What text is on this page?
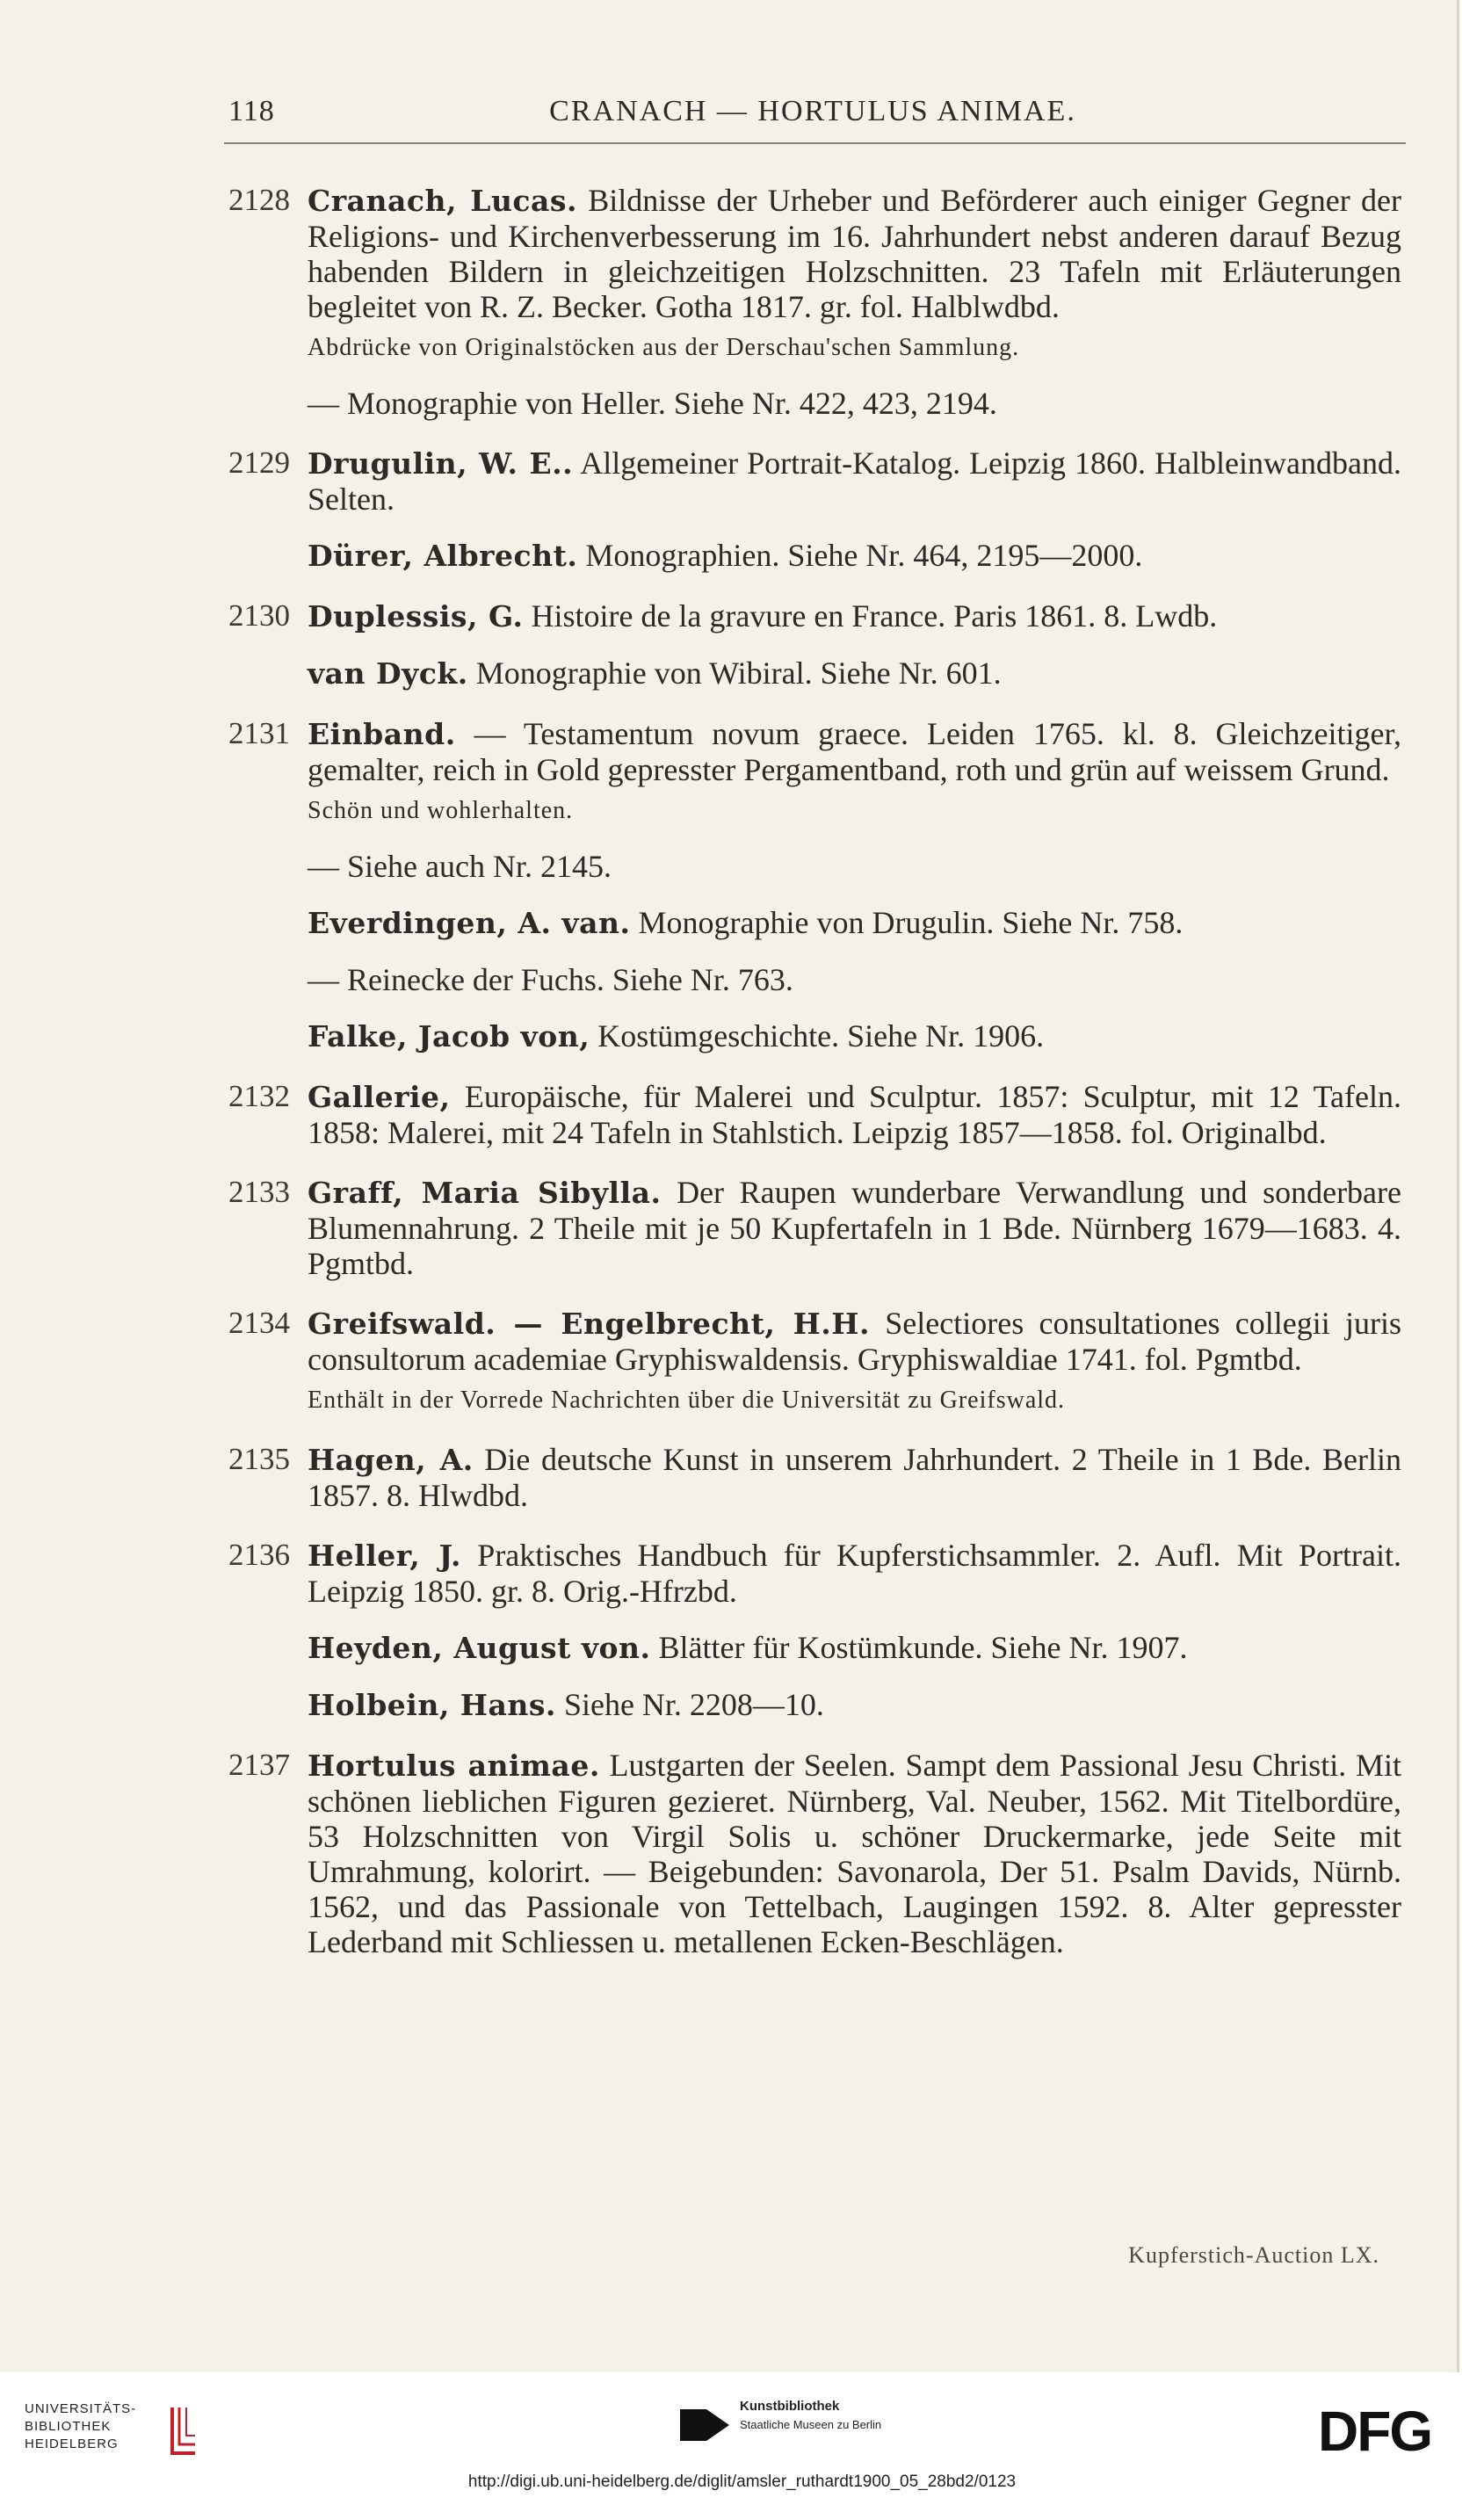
118	CRANACH — HORTULUS ANIMAE.
2128 Cranach, Lucas. Bildnisse der Urheber und Beförderer auch einiger Gegner der Religions- und Kirchenverbesserung im 16. Jahrhundert nebst anderen darauf Bezug habenden Bildern in gleichzeitigen Holzschnitten. 23 Tafeln mit Erläuterungen begleitet von R. Z. Becker. Gotha 1817. gr. fol. Halblwdbd.
Abdrücke von Originalstöcken aus der Derschau'schen Sammlung.
— Monographie von Heller. Siehe Nr. 422, 423, 2194.
2129 Drugulin, W. E.. Allgemeiner Portrait-Katalog. Leipzig 1860. Halbleinwandband. Selten.
Dürer, Albrecht. Monographien. Siehe Nr. 464, 2195—2000.
2130 Duplessis, G. Histoire de la gravure en France. Paris 1861. 8. Lwdb.
van Dyck. Monographie von Wibiral. Siehe Nr. 601.
2131 Einband. — Testamentum novum graece. Leiden 1765. kl. 8. Gleichzeitiger, gemalter, reich in Gold gepresster Pergamentband, roth und grün auf weissem Grund.
Schön und wohlerhalten.
— Siehe auch Nr. 2145.
Everdingen, A. van. Monographie von Drugulin. Siehe Nr. 758.
— Reinecke der Fuchs. Siehe Nr. 763.
Falke, Jacob von, Kostümgeschichte. Siehe Nr. 1906.
2132 Gallerie, Europäische, für Malerei und Sculptur. 1857: Sculptur, mit 12 Tafeln. 1858: Malerei, mit 24 Tafeln in Stahlstich. Leipzig 1857—1858. fol. Originalbd.
2133 Graff, Maria Sibylla. Der Raupen wunderbare Verwandlung und sonderbare Blumennahrung. 2 Theile mit je 50 Kupfertafeln in 1 Bde. Nürnberg 1679—1683. 4. Pgmtbd.
2134 Greifswald. — Engelbrecht, H.H. Selectiores consultationes collegii juris consultorum academiae Gryphiswaldensis. Gryphiswaldiae 1741. fol. Pgmtbd.
Enthält in der Vorrede Nachrichten über die Universität zu Greifswald.
2135 Hagen, A. Die deutsche Kunst in unserem Jahrhundert. 2 Theile in 1 Bde. Berlin 1857. 8. Hlwdbd.
2136 Heller, J. Praktisches Handbuch für Kupferstichsammler. 2. Aufl. Mit Portrait. Leipzig 1850. gr. 8. Orig.-Hfrzbd.
Heyden, August von. Blätter für Kostümkunde. Siehe Nr. 1907.
Holbein, Hans. Siehe Nr. 2208—10.
2137 Hortulus animae. Lustgarten der Seelen. Sampt dem Passional Jesu Christi. Mit schönen lieblichen Figuren gezieret. Nürnberg, Val. Neuber, 1562. Mit Titelbordüre, 53 Holzschnitten von Virgil Solis u. schöner Druckermarke, jede Seite mit Umrahmung, kolorirt. — Beigebunden: Savonarola, Der 51. Psalm Davids, Nürnb. 1562, und das Passionale von Tettelbach, Laugingen 1592. 8. Alter gepresster Lederband mit Schliessen u. metallenen Ecken-Beschlägen.
Kupferstich-Auction LX.
UNIVERSITÄTS-
BIBLIOTHEK
HEIDELBERG
Kunstbibliothek
Staatliche Museen zu Berlin	DFG
http://digi.ub.uni-heidelberg.de/diglit/amsler_ruthardt1900_05_28bd2/0123
